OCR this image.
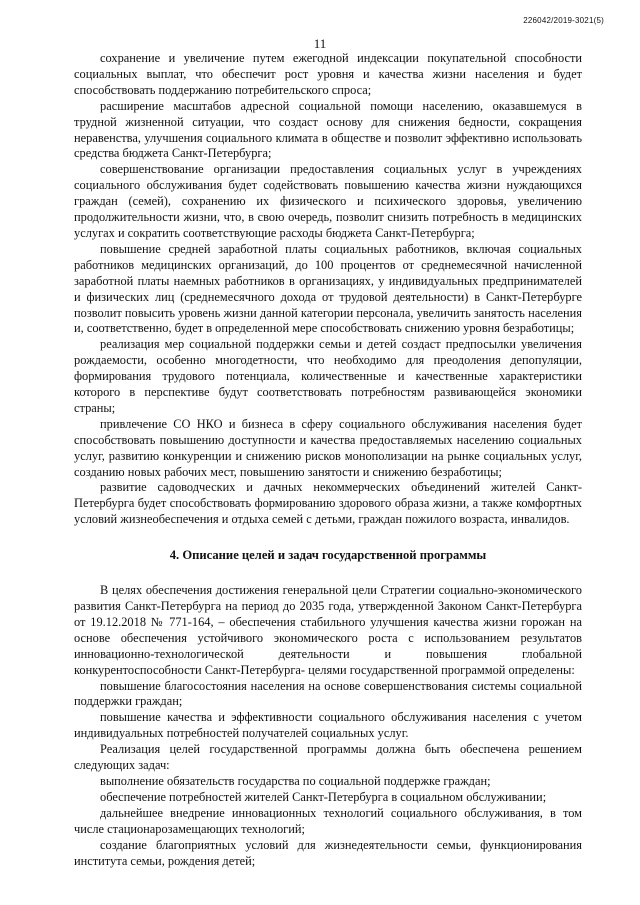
226042/2019-3021(5)
11

сохранение и увеличение путем ежегодной индексации покупательной способности социальных выплат, что обеспечит рост уровня и качества жизни населения и будет способствовать поддержанию потребительского спроса;

расширение масштабов адресной социальной помощи населению, оказавшемуся в трудной жизненной ситуации, что создаст основу для снижения бедности, сокращения неравенства, улучшения социального климата в обществе и позволит эффективно использовать средства бюджета Санкт-Петербурга;

совершенствование организации предоставления социальных услуг в учреждениях социального обслуживания будет содействовать повышению качества жизни нуждающихся граждан (семей), сохранению их физического и психического здоровья, увеличению продолжительности жизни, что, в свою очередь, позволит снизить потребность в медицинских услугах и сократить соответствующие расходы бюджета Санкт-Петербурга;

повышение средней заработной платы социальных работников, включая социальных работников медицинских организаций, до 100 процентов от среднемесячной начисленной заработной платы наемных работников в организациях, у индивидуальных предпринимателей и физических лиц (среднемесячного дохода от трудовой деятельности) в Санкт-Петербурге позволит повысить уровень жизни данной категории персонала, увеличить занятость населения и, соответственно, будет в определенной мере способствовать снижению уровня безработицы;

реализация мер социальной поддержки семьи и детей создаст предпосылки увеличения рождаемости, особенно многодетности, что необходимо для преодоления депопуляции, формирования трудового потенциала, количественные и качественные характеристики которого в перспективе будут соответствовать потребностям развивающейся экономики страны;

привлечение СО НКО и бизнеса в сферу социального обслуживания населения будет способствовать повышению доступности и качества предоставляемых населению социальных услуг, развитию конкуренции и снижению рисков монополизации на рынке социальных услуг, созданию новых рабочих мест, повышению занятости и снижению безработицы;

развитие садоводческих и дачных некоммерческих объединений жителей Санкт-Петербурга будет способствовать формированию здорового образа жизни, а также комфортных условий жизнеобеспечения и отдыха семей с детьми, граждан пожилого возраста, инвалидов.

4. Описание целей и задач государственной программы

В целях обеспечения достижения генеральной цели Стратегии социально-экономического развития Санкт-Петербурга на период до 2035 года, утвержденной Законом Санкт-Петербурга от 19.12.2018 № 771-164, – обеспечения стабильного улучшения качества жизни горожан на основе обеспечения устойчивого экономического роста с использованием результатов инновационно-технологической деятельности и повышения глобальной конкурентоспособности Санкт-Петербурга- целями государственной программой определены:

повышение благосостояния населения на основе совершенствования системы социальной поддержки граждан;

повышение качества и эффективности социального обслуживания населения с учетом индивидуальных потребностей получателей социальных услуг.

Реализация целей государственной программы должна быть обеспечена решением следующих задач:

выполнение обязательств государства по социальной поддержке граждан;

обеспечение потребностей жителей Санкт-Петербурга в социальном обслуживании;

дальнейшее внедрение инновационных технологий социального обслуживания, в том числе стационарозамещающих технологий;

создание благоприятных условий для жизнедеятельности семьи, функционирования института семьи, рождения детей;
